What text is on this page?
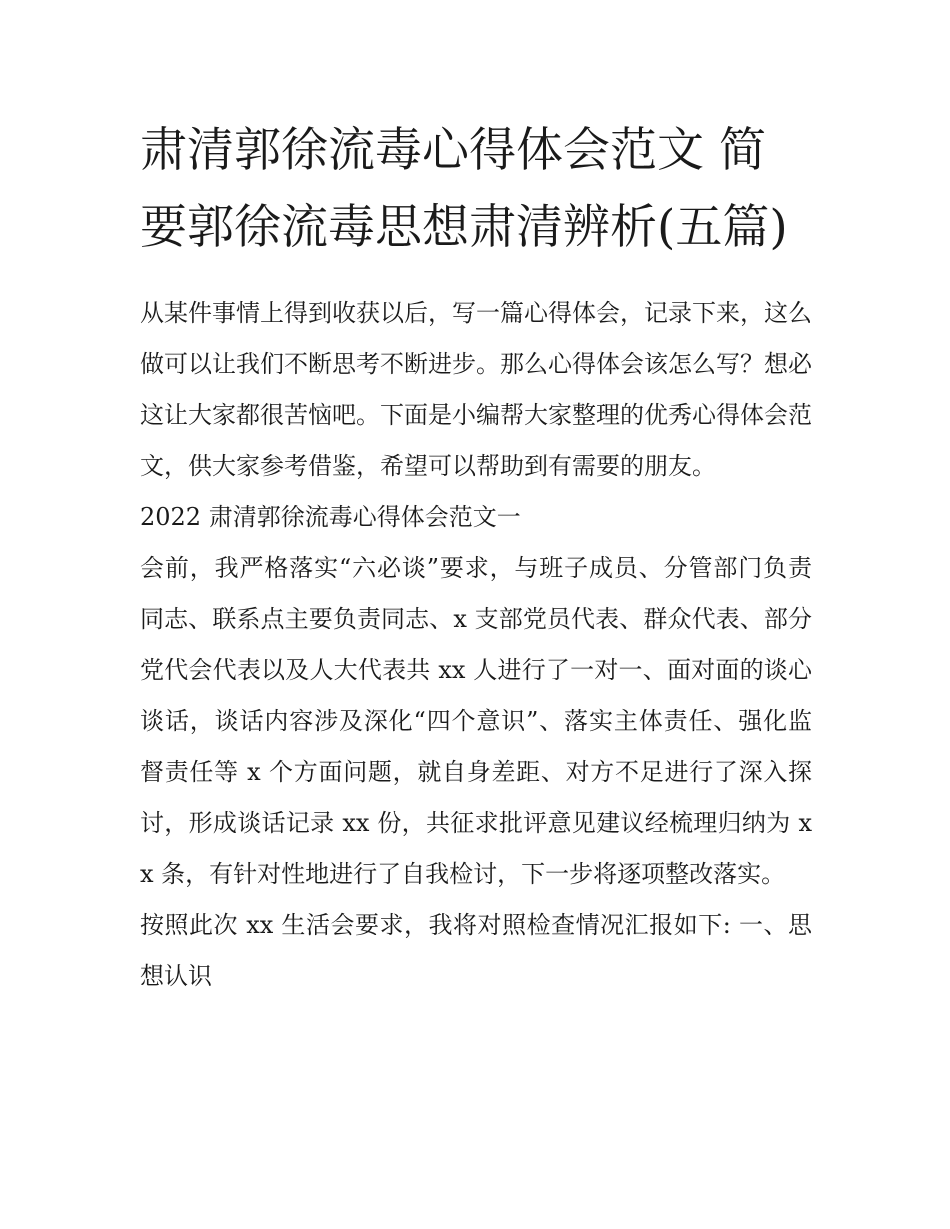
肃清郭徐流毒心得体会范文 简要郭徐流毒思想肃清辨析(五篇)

从某件事情上得到收获以后，写一篇心得体会，记录下来，这么做可以让我们不断思考不断进步。那么心得体会该怎么写？想必这让大家都很苦恼吧。下面是小编帮大家整理的优秀心得体会范文，供大家参考借鉴，希望可以帮助到有需要的朋友。

2022 肃清郭徐流毒心得体会范文一

会前，我严格落实“六必谈”要求，与班子成员、分管部门负责同志、联系点主要负责同志、x 支部党员代表、群众代表、部分党代会代表以及人大代表共 xx 人进行了一对一、面对面的谈心谈话，谈话内容涉及深化“四个意识”、落实主体责任、强化监督责任等 x 个方面问题，就自身差距、对方不足进行了深入探讨，形成谈话记录 xx 份，共征求批评意见建议经梳理归纳为 xx 条，有针对性地进行了自我检讨，下一步将逐项整改落实。

按照此次 xx 生活会要求，我将对照检查情况汇报如下: 一、思想认识
